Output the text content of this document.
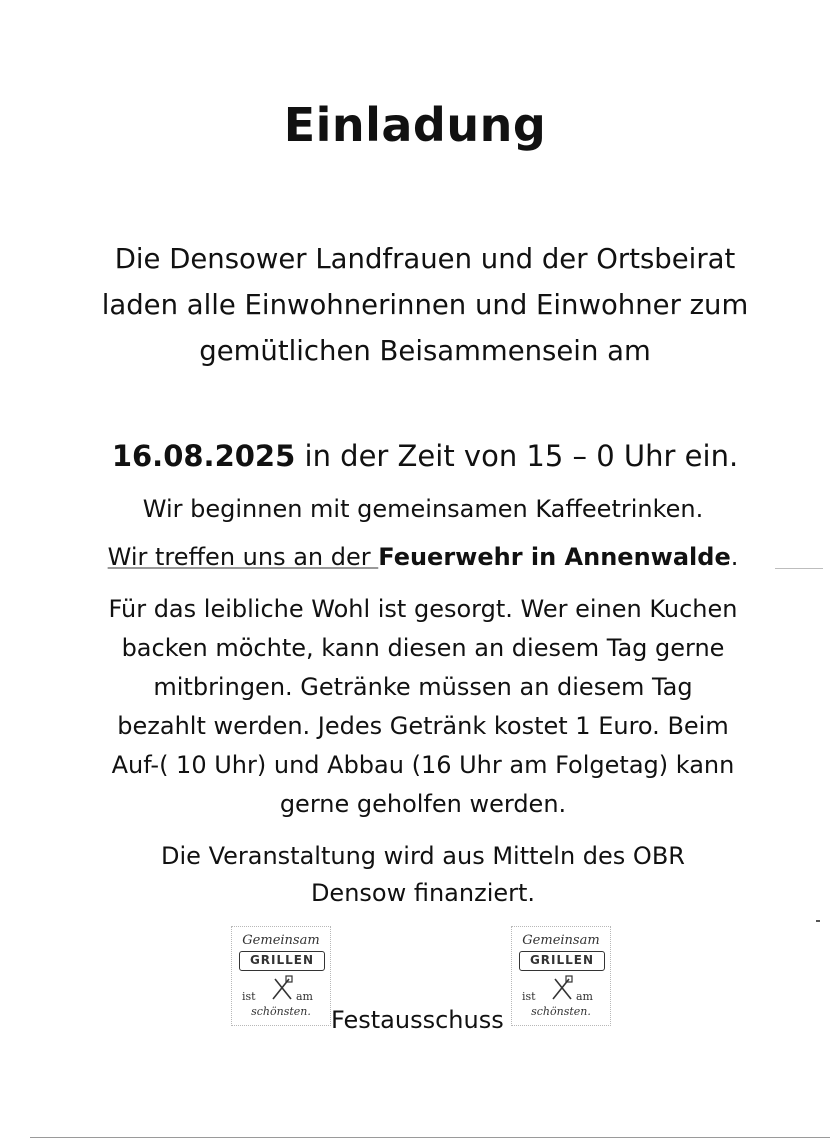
Einladung
Die Densower Landfrauen und der Ortsbeirat laden alle Einwohnerinnen und Einwohner zum gemütlichen Beisammensein am
16.08.2025 in der Zeit von 15 – 0 Uhr ein.
Wir beginnen mit gemeinsamen Kaffeetrinken.
Wir treffen uns an der Feuerwehr in Annenwalde.
Für das leibliche Wohl ist gesorgt. Wer einen Kuchen backen möchte, kann diesen an diesem Tag gerne mitbringen. Getränke müssen an diesem Tag bezahlt werden. Jedes Getränk kostet 1 Euro. Beim Auf-( 10 Uhr) und Abbau (16 Uhr am Folgetag) kann gerne geholfen werden.
Die Veranstaltung wird aus Mitteln des OBR Densow finanziert.
Gemeinsam
GRILLEN
ist	am
schönsten. Festausschuss
Gemeinsam
GRILLEN
ist	am
schönsten.
